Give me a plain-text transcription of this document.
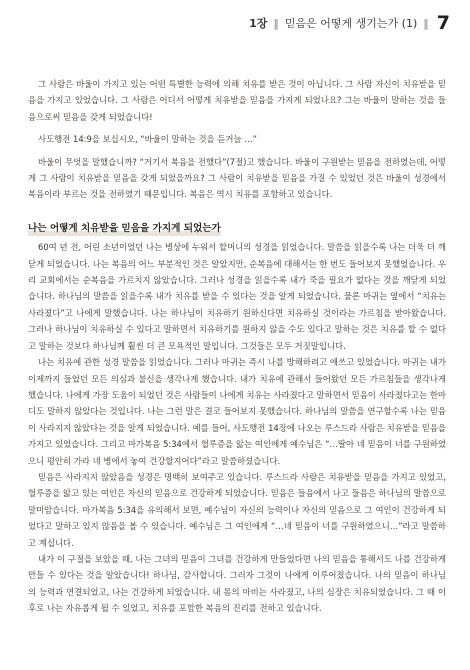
1장 ‖ 믿음은 어떻게 생기는가 (1) ‖ 7

그 사람은 바울이 가지고 있는 어떤 특별한 능력에 의해 치유를 받은 것이 아닙니다. 그 사람 자신이 치유받을 믿음을 가지고 있었습니다. 그 사람은 어디서 어떻게 치유받을 믿음을 가지게 되었나요? 그는 바울이 말하는 것을 들음으로써 믿음을 갖게 되었습니다!

사도행전 14:9을 보십시오, “바울이 말하는 것을 듣거늘 …”

바울이 무엇을 말했습니까? “거기서 복음을 전했다”(7절)고 했습니다. 바울이 구원받는 믿음을 전하였는데, 어떻게 그 사람이 치유받을 믿음을 갖게 되었을까요? 그 사람이 치유받을 믿음을 가질 수 있었던 것은 바울이 성경에서 복음이라 부르는 것을 전하였기 때문입니다. 복음은 역시 치유를 포함하고 있습니다.

나는 어떻게 치유받을 믿음을 가지게 되었는가

60여 년 전, 어린 소년이었던 나는 병상에 누워서 할머니의 성경을 읽었습니다. 말씀을 읽을수록 나는 더욱 더 깨닫게 되었습니다. 나는 복음의 어느 부분적인 것은 알았지만, 순복음에 대해서는 한 번도 들어보지 못했었습니다. 우리 교회에서는 순복음을 가르치지 않았습니다. 그러나 성경을 읽을수록 내가 죽을 필요가 없다는 것을 깨닫게 되었습니다. 하나님의 말씀을 읽을수록 내가 치유를 받을 수 있다는 것을 알게 되었습니다. 물론 마귀는 옆에서 “치유는 사라졌다”고 나에게 말했습니다. 나는 하나님이 치유하기 원하신다면 치유하실 것이라는 가르침을 받아왔습니다. 그러나 하나님이 치유하실 수 있다고 말하면서 치유하기를 원하지 않을 수도 있다고 말하는 것은 치유를 할 수 없다고 말하는 것보다 하나님께 훨씬 더 큰 모욕적인 말입니다. 그것들은 모두 거짓말입니다.

나는 치유에 관한 성경 말씀을 읽었습니다. 그러나 마귀는 즉시 나를 방해하려고 애쓰고 있었습니다. 마귀는 내가 이제까지 들었던 모든 의심과 불신을 생각나게 했습니다. 내가 치유에 관해서 들어왔던 모든 가르침들을 생각나게 했습니다. 나에게 가장 도움이 되었던 것은 사람들이 나에게 치유는 사라졌다고 말하면서 믿음이 사라졌다고는 한마디도 말하지 않았다는 것입니다. 나는 그런 말은 결코 들어보지 못했습니다. 하나님의 말씀을 연구할수록 나는 믿음이 사라지지 않았다는 것을 알게 되었습니다. 예를 들어, 사도행전 14장에 나오는 루스드라 사람은 치유받을 믿음을 가지고 있었습니다. 그리고 마가복음 5:34에서 혈루증을 앓는 여인에게 예수님은 “…딸아 네 믿음이 너를 구원하였으니 평안히 가라 네 병에서 놓여 건강할지어다”라고 말씀하셨습니다.

믿음은 사라지지 않았음을 성경은 명백히 보여주고 있습니다. 루스드라 사람은 치유받을 믿음을 가지고 있었고, 혈루증을 앓고 있는 여인은 자신의 믿음으로 건강하게 되었습니다. 믿음은 들음에서 나고 들음은 하나님의 말씀으로 말미암습니다. 마가복음 5:34을 유의해서 보면, 예수님이 자신의 능력이나 자신의 믿음으로 그 여인이 건강하게 되었다고 말하고 있지 않음을 볼 수 있습니다. 예수님은 그 여인에게 “…네 믿음이 너를 구원하였으니…”라고 말씀하고 계십니다.

내가 이 구절을 보았을 때, 나는 그녀의 믿음이 그녀를 건강하게 만들었다면 나의 믿음을 통해서도 나를 건강하게 만들 수 있다는 것을 알았습니다! 하나님, 감사합니다. 그러자 그것이 나에게 이루어졌습니다. 나의 믿음이 하나님의 능력과 연결되었고, 나는 건강하게 되었습니다. 내 몸의 마비는 사라졌고, 나의 심장은 치유되었습니다. 그 때 이후로 나는 자유롭게 될 수 있었고, 치유를 포함한 복음의 진리를 전하고 있습니다.
